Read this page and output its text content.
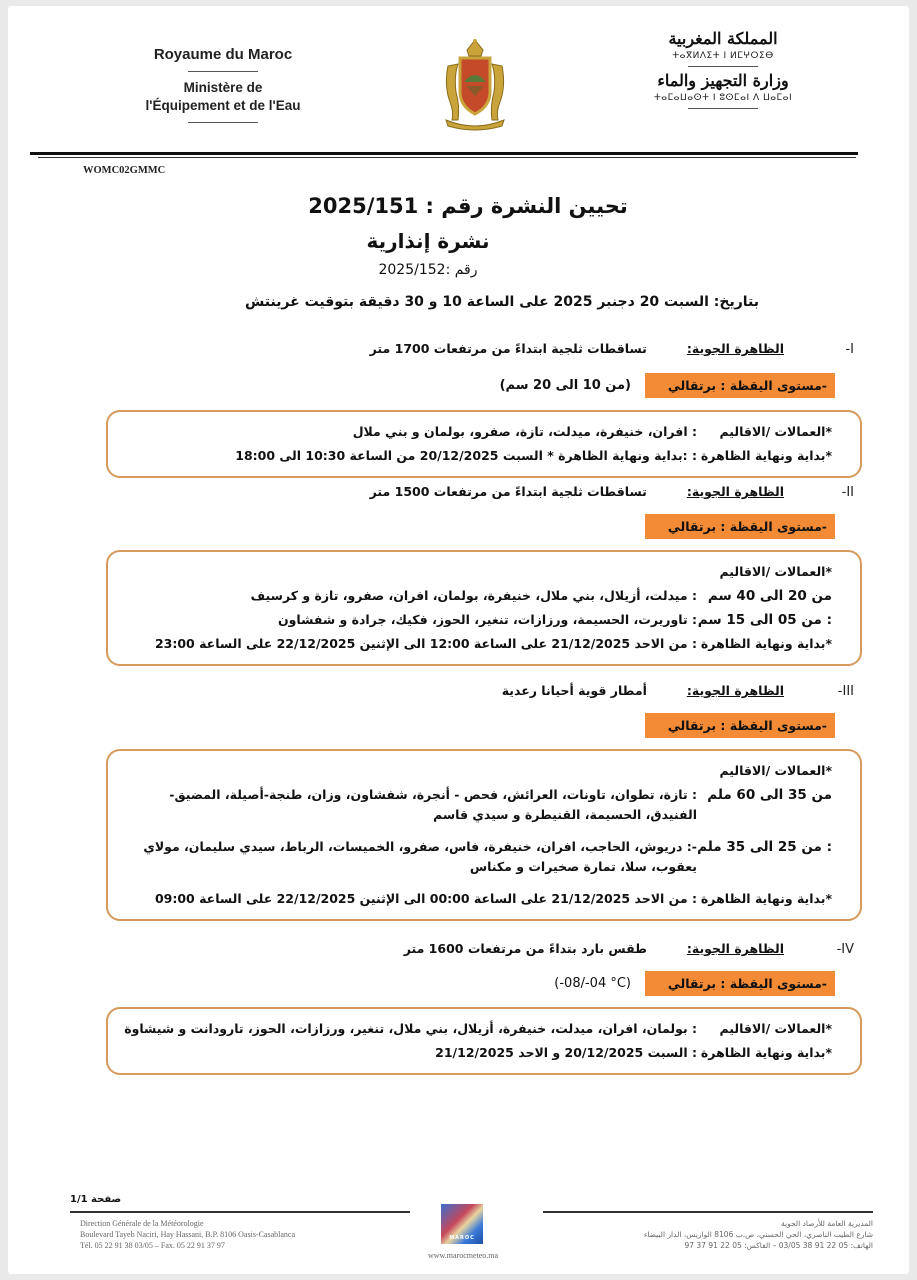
Royaume du Maroc
Ministère de
l'Équipement et de l'Eau
المملكة المغربية
ⵜⴰⴳⵍⴷⵉⵜ ⵏ ⵍⵎⵖⵔⵉⴱ
وزارة التجهيز والماء
ⵜⴰⵎⴰⵡⴰⵙⵜ ⵏ ⵓⵙⵎⴰⵏ ⴷ ⵡⴰⵎⴰⵏ
WOMC02GMMC
تحيين النشرة رقم : 2025/151
نشرة إنذارية
رقم :2025/152
بتاريخ: السبت 20 دجنبر 2025 على الساعة 10 و 30 دقيقة بتوقيت غرينتش
I-
الظاهرة الجوية:
تساقطات ثلجية ابتداءً من مرتفعات 1700 متر
-مستوى اليقظة : برتقالي
(من 10 الى 20 سم)
*العمالات /الاقاليم
: افران، خنيفرة، ميدلت، تازة، صفرو، بولمان و بني ملال
*بداية ونهاية الظاهرة
: :بداية ونهاية الظاهرة * السبت 20/12/2025 من الساعة 10:30 الى 18:00
II-
الظاهرة الجوية:
تساقطات ثلجية ابتداءً من مرتفعات 1500 متر
-مستوى اليقظة : برتقالي
*العمالات /الاقاليم
من 20 الى 40 سم
: ميدلت، أزيلال، بني ملال، خنيفرة، بولمان، افران، صفرو، تازة و كرسيف
: من 05 الى 15 سم
: تاوريرت، الحسيمة، ورزازات، تنغير، الحوز، فكيك، جرادة و شفشاون
*بداية ونهاية الظاهرة
: من الاحد 21/12/2025 على الساعة 12:00 الى الإثنين 22/12/2025 على الساعة 23:00
III-
الظاهرة الجوية:
أمطار قوية أحيانا رعدية
-مستوى اليقظة : برتقالي
*العمالات /الاقاليم
من 35 الى 60 ملم
: تازة، تطوان، تاونات، العرائش، فحص - أنجرة، شفشاون، وزان، طنجة-أصيلة، المضيق-الفنيدق، الحسيمة، القنيطرة و سيدي قاسم
: من 25 الى 35 ملم
-: دريوش، الحاجب، افران، خنيفرة، فاس، صفرو، الخميسات، الرباط، سيدي سليمان، مولاي يعقوب، سلا، تمارة صخيرات و مكناس
*بداية ونهاية الظاهرة
: من الاحد 21/12/2025 على الساعة 00:00 الى الإثنين 22/12/2025 على الساعة 09:00
IV-
الظاهرة الجوية:
طقس بارد بتداءً من مرتفعات 1600 متر
-مستوى اليقظة : برتقالي
(-08/-04 °C)
*العمالات /الاقاليم
: بولمان، افران، ميدلت، خنيفرة، أزيلال، بني ملال، تنغير، ورزازات، الحوز، تارودانت و شيشاوة
*بداية ونهاية الظاهرة
: السبت 20/12/2025 و الاحد 21/12/2025
صفحة 1/1
Direction Générale de la Météorologie
Boulevard Tayeb Naciri, Hay Hassani, B.P. 8106 Oasis-Casablanca
Tél. 05 22 91 38 03/05 – Fax. 05 22 91 37 97
MAROC
www.marocmeteo.ma
المديرية العامة للأرصاد الجوية
شارع الطيب الناصري، الحي الحسني، ص.ب 8106 الوازيس، الدار البيضاء
الهاتف: 05 22 91 38 03/05 – الفاكس: 05 22 91 37 97
